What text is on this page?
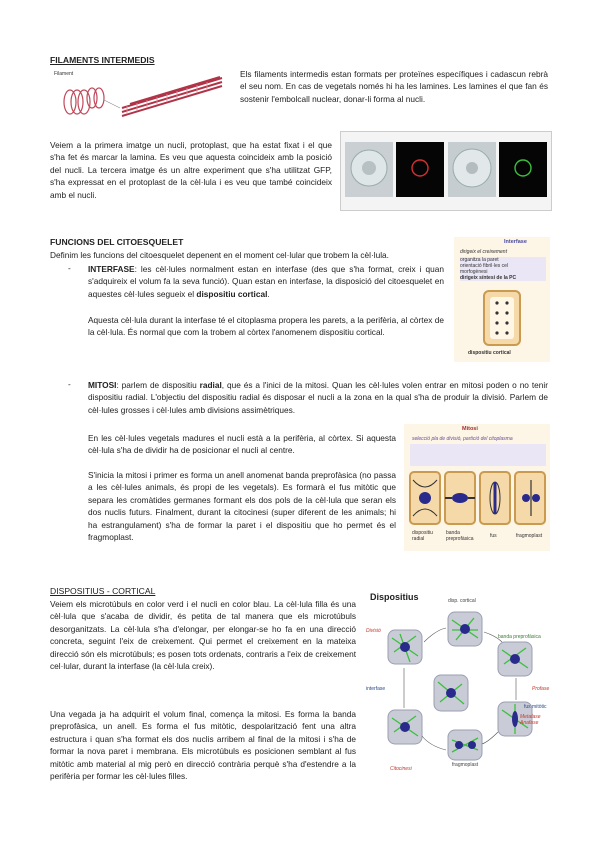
FILAMENTS INTERMEDIS
Filament	Els filaments intermedis estan formats per proteïnes específiques i cadascun rebrà el seu nom. En cas de vegetals només hi ha les lamines. Les lamines el que fan és sostenir l'embolcall nuclear, donar-li forma al nucli.

Veiem a la primera imatge un nucli, protoplast, que ha estat fixat i el que s'ha fet és marcar la lamina. Es veu que aquesta coincideix amb la posició del nucli. La tercera imatge és un altre experiment que s'ha utilitzat GFP, s'ha expressat en el protoplast de la cèl·lula i es veu que també coincideix amb el nucli.

FUNCIONS DEL CITOESQUELET

Definim les funcions del citoesquelet depenent en el moment cel·lular que trobem la cèl·lula.

- INTERFASE: les cèl·lules normalment estan en interfase (des que s'ha format, creix i quan s'adquireix el volum fa la seva funció). Quan estan en interfase, la disposició del citoesquelet en aquestes cèl·lules segueix el dispositiu cortical.

Aquesta cèl·lula durant la interfase té el citoplasma propera les parets, a la perifèria, al còrtex de la cèl·lula. És normal que com la trobem al còrtex l'anomenem dispositiu cortical.

Interfase
dirigeix el creixement
organitza la paret
orientació fibril·les cel
morfogènesi
dirigeix síntesi de la PC
dispositiu cortical
- MITOSI: parlem de dispositiu radial, que és a l'inici de la mitosi. Quan les cèl·lules volen entrar en mitosi poden o no tenir dispositiu radial. L'objectiu del dispositiu radial és disposar el nucli a la zona en la qual s'ha de produir la divisió. Parlem de cèl·lules grosses i cèl·lules amb divisions assimètriques.

En les cèl·lules vegetals madures el nucli està a la perifèria, al còrtex. Si aquesta cèl·lula s'ha de dividir ha de posicionar el nucli al centre.

S'inicia la mitosi i primer es forma un anell anomenat banda preprofàsica (no passa a les cèl·lules animals, és propi de les vegetals). Es formarà el fus mitòtic que separa les cromàtides germanes formant els dos pols de la cèl·lula que seran els dos nuclis futurs. Finalment, durant la citocinesi (super diferent de les animals; hi ha estrangulament) s'ha de formar la paret i el dispositiu que ho permet és el fragmoplast.

Mitosi
selecció pla de divisió, partició del citoplasma
dispositiu radial
banda preprofàsica	fus	fragmoplast
DISPOSITIUS - CORTICAL

Veiem els microtúbuls en color verd i el nucli en color blau. La cèl·lula filla és una cèl·lula que s'acaba de dividir, és petita de tal manera que els microtúbuls desorganitzats. La cèl·lula s'ha d'elongar, per elongar-se ho fa en una direcció concreta, seguint l'eix de creixement. Qui permet el creixement en la mateixa direcció són els microtúbuls; es posen tots ordenats, contraris a l'eix de creixement cel·lular, durant la interfase (la cèl·lula creix).

Una vegada ja ha adquirit el volum final, comença la mitosi. Es forma la banda preprofàsica, un anell. Es forma el fus mitòtic, despolarització fent una altra estructura i quan s'ha format els dos nuclis arribem al final de la mitosi i s'ha de formar la nova paret i membrana. Els microtúbuls es posicionen semblant al fus mitòtic amb material al mig però en direcció contrària perquè s'ha d'estendre a la perifèria per formar les cèl·lules filles.

Dispositius	disp. cortical
banda preprofàsica
Profase
fus mitòtic
Metafase Anafase
fragmoplast
Citocinesi
interfase
Divisió
